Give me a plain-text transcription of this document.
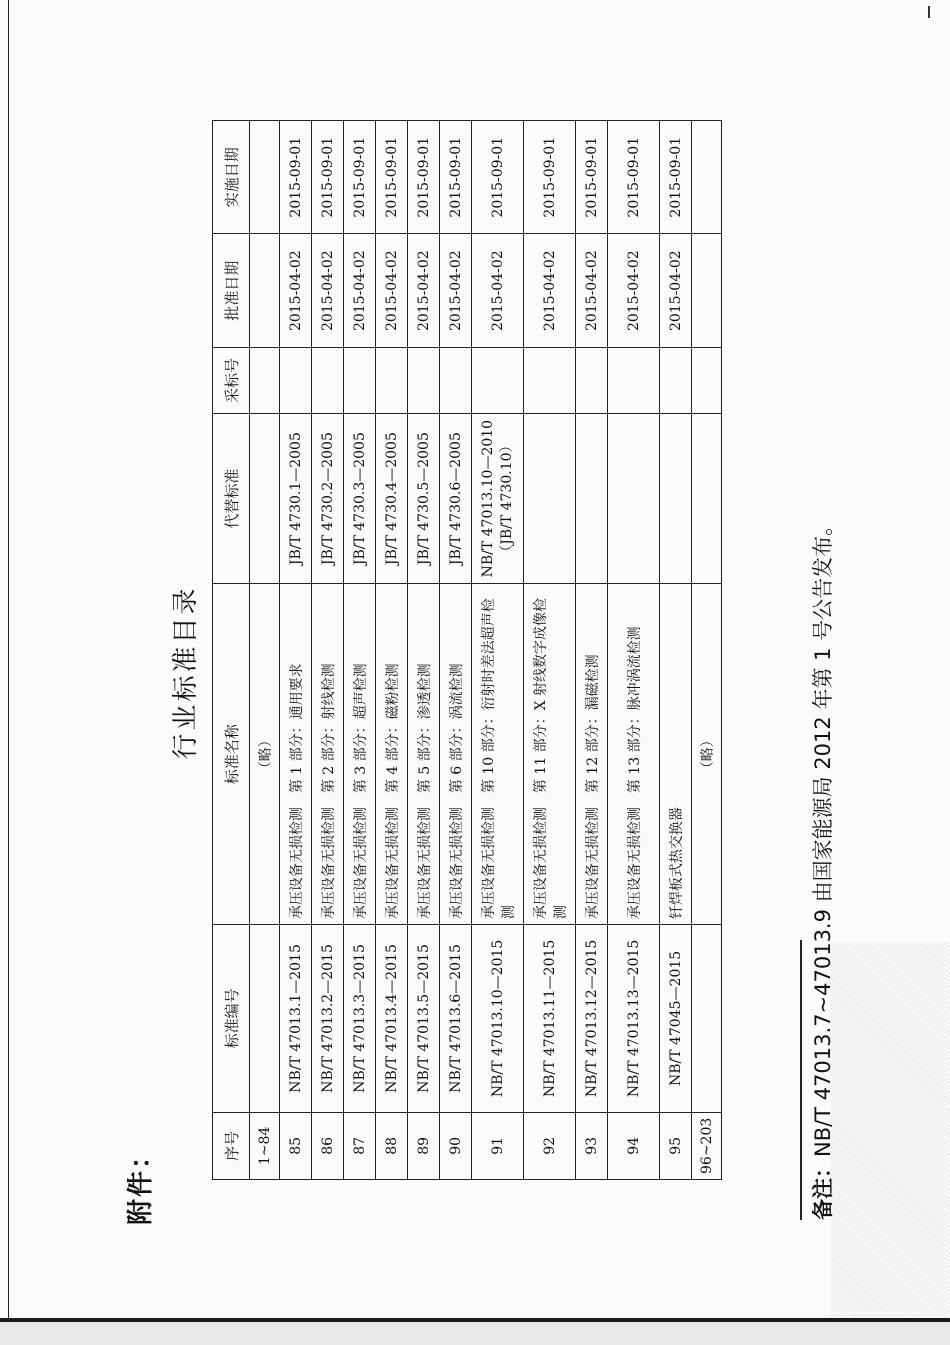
附件：
行业标准目录
序号	标准编号	标准名称	代替标准	采标号	批准日期	实施日期
1~84		（略）				
85	NB/T 47013.1—2015	承压设备无损检测　第 1 部分：通用要求	JB/T 4730.1—2005		2015-04-02	2015-09-01
86	NB/T 47013.2—2015	承压设备无损检测　第 2 部分：射线检测	JB/T 4730.2—2005		2015-04-02	2015-09-01
87	NB/T 47013.3—2015	承压设备无损检测　第 3 部分：超声检测	JB/T 4730.3—2005		2015-04-02	2015-09-01
88	NB/T 47013.4—2015	承压设备无损检测　第 4 部分：磁粉检测	JB/T 4730.4—2005		2015-04-02	2015-09-01
89	NB/T 47013.5—2015	承压设备无损检测　第 5 部分：渗透检测	JB/T 4730.5—2005		2015-04-02	2015-09-01
90	NB/T 47013.6—2015	承压设备无损检测　第 6 部分：涡流检测	JB/T 4730.6—2005		2015-04-02	2015-09-01
91	NB/T 47013.10—2015	承压设备无损检测　第 10 部分：衍射时差法超声检测	NB/T 47013.10—2010（JB/T 4730.10）		2015-04-02	2015-09-01
92	NB/T 47013.11—2015	承压设备无损检测　第 11 部分：X 射线数字成像检测			2015-04-02	2015-09-01
93	NB/T 47013.12—2015	承压设备无损检测　第 12 部分：漏磁检测			2015-04-02	2015-09-01
94	NB/T 47013.13—2015	承压设备无损检测　第 13 部分：脉冲涡流检测			2015-04-02	2015-09-01
95	NB/T 47045—2015	钎焊板式热交换器			2015-04-02	2015-09-01
96~203		（略）				
备注：NB/T 47013.7~47013.9 由国家能源局 2012 年第 1 号公告发布。
